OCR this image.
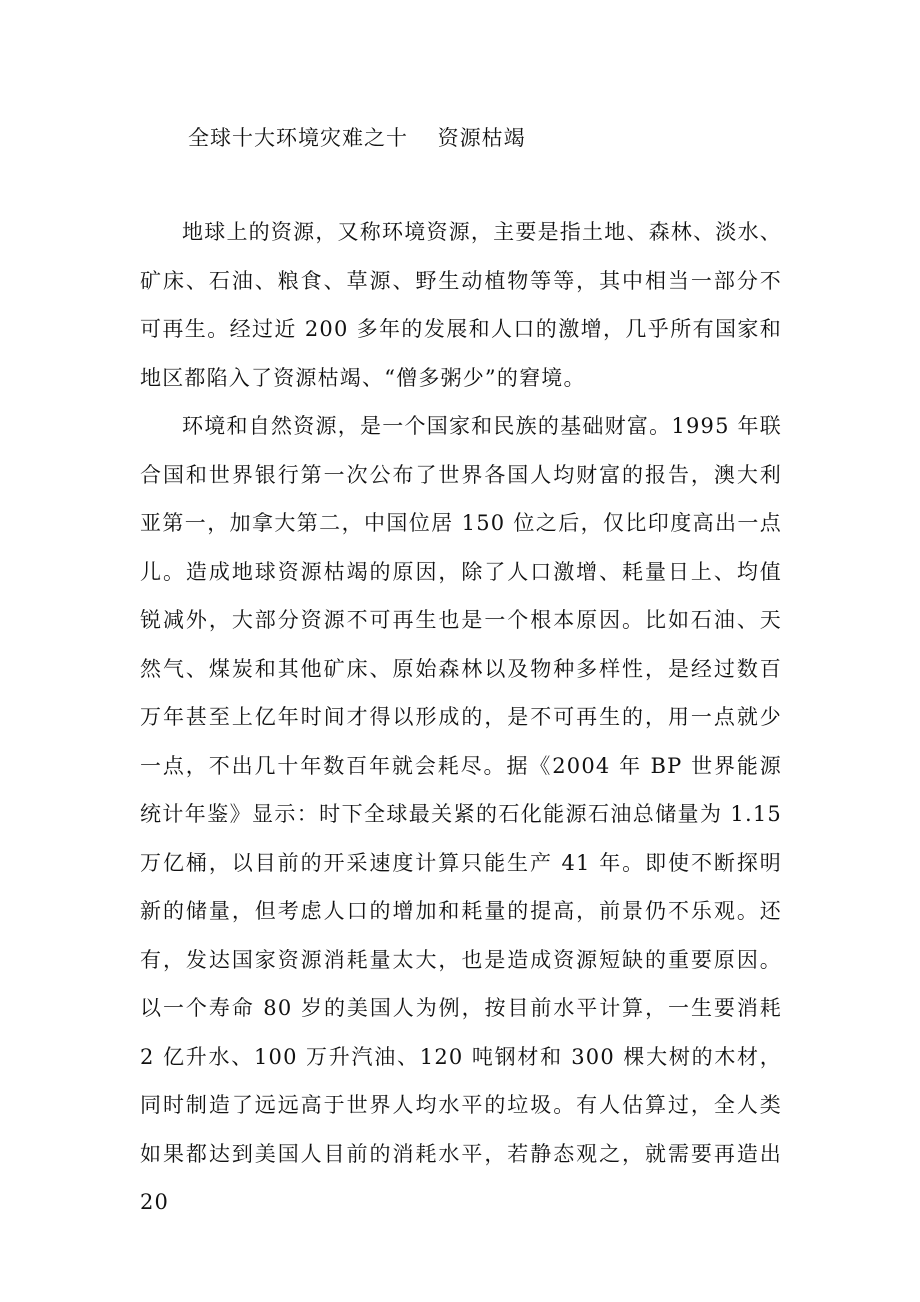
全球十大环境灾难之十　 资源枯竭

地球上的资源，又称环境资源，主要是指土地、森林、淡水、矿床、石油、粮食、草源、野生动植物等等，其中相当一部分不可再生。经过近 200 多年的发展和人口的激增，几乎所有国家和地区都陷入了资源枯竭、“僧多粥少”的窘境。

环境和自然资源，是一个国家和民族的基础财富。1995 年联合国和世界银行第一次公布了世界各国人均财富的报告，澳大利亚第一，加拿大第二，中国位居 150 位之后，仅比印度高出一点儿。造成地球资源枯竭的原因，除了人口激增、耗量日上、均值锐减外，大部分资源不可再生也是一个根本原因。比如石油、天然气、煤炭和其他矿床、原始森林以及物种多样性，是经过数百万年甚至上亿年时间才得以形成的，是不可再生的，用一点就少一点，不出几十年数百年就会耗尽。据《2004 年 BP 世界能源统计年鉴》显示：时下全球最关紧的石化能源石油总储量为 1.15 万亿桶，以目前的开采速度计算只能生产 41 年。即使不断探明新的储量，但考虑人口的增加和耗量的提高，前景仍不乐观。还有，发达国家资源消耗量太大，也是造成资源短缺的重要原因。以一个寿命 80 岁的美国人为例，按目前水平计算，一生要消耗 2 亿升水、100 万升汽油、120 吨钢材和 300 棵大树的木材，同时制造了远远高于世界人均水平的垃圾。有人估算过，全人类如果都达到美国人目前的消耗水平，若静态观之，就需要再造出 20
